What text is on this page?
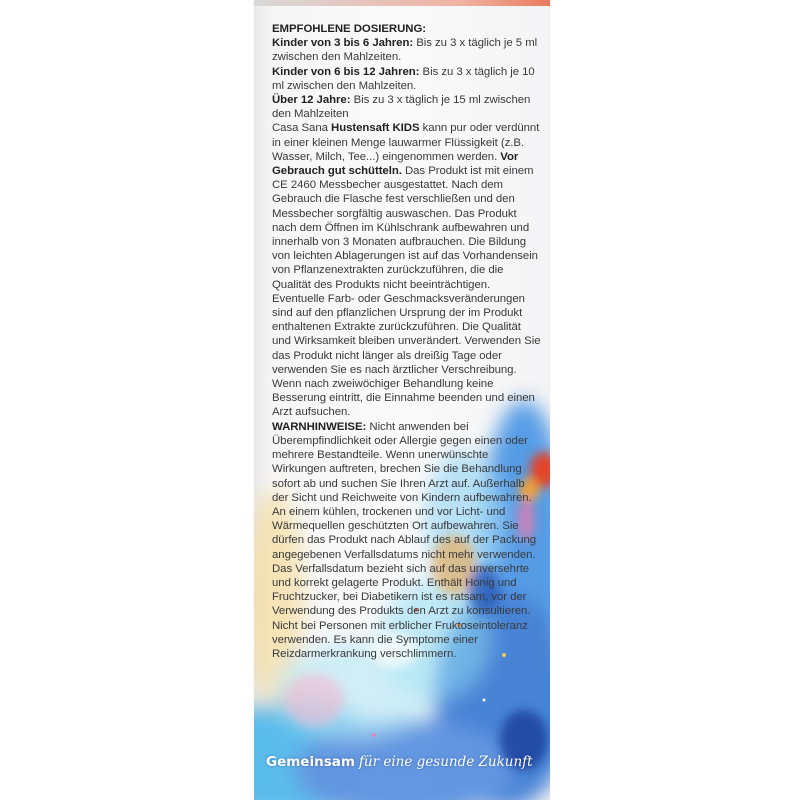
EMPFOHLENE DOSIERUNG:

Kinder von 3 bis 6 Jahren: Bis zu 3 x täglich je 5 ml zwischen den Mahlzeiten.

Kinder von 6 bis 12 Jahren: Bis zu 3 x täglich je 10 ml zwischen den Mahlzeiten.

Über 12 Jahre: Bis zu 3 x täglich je 15 ml zwischen den Mahlzeiten

Casa Sana Hustensaft KIDS kann pur oder verdünnt in einer kleinen Menge lauwarmer Flüssigkeit (z.B. Wasser, Milch, Tee...) eingenommen werden. Vor Gebrauch gut schütteln. Das Produkt ist mit einem CE 2460 Messbecher ausgestattet. Nach dem Gebrauch die Flasche fest verschließen und den Messbecher sorgfältig auswaschen. Das Produkt nach dem Öffnen im Kühlschrank aufbewahren und innerhalb von 3 Monaten aufbrauchen. Die Bildung von leichten Ablagerungen ist auf das Vorhandensein von Pflanzenextrakten zurückzuführen, die die Qualität des Produkts nicht beeinträchtigen. Eventuelle Farb- oder Geschmacksveränderungen sind auf den pflanzlichen Ursprung der im Produkt enthaltenen Extrakte zurückzuführen. Die Qualität und Wirksamkeit bleiben unverändert. Verwenden Sie das Produkt nicht länger als dreißig Tage oder verwenden Sie es nach ärztlicher Verschreibung. Wenn nach zweiwöchiger Behandlung keine Besserung eintritt, die Einnahme beenden und einen Arzt aufsuchen.

WARNHINWEISE: Nicht anwenden bei Überempfindlichkeit oder Allergie gegen einen oder mehrere Bestandteile. Wenn unerwünschte Wirkungen auftreten, brechen Sie die Behandlung sofort ab und suchen Sie Ihren Arzt auf. Außerhalb der Sicht und Reichweite von Kindern aufbewahren. An einem kühlen, trockenen und vor Licht- und Wärmequellen geschützten Ort aufbewahren. Sie dürfen das Produkt nach Ablauf des auf der Packung angegebenen Verfallsdatums nicht mehr verwenden. Das Verfallsdatum bezieht sich auf das unversehrte und korrekt gelagerte Produkt. Enthält Honig und Fruchtzucker, bei Diabetikern ist es ratsam, vor der Verwendung des Produkts den Arzt zu konsultieren. Nicht bei Personen mit erblicher Fruktoseintoleranz verwenden. Es kann die Symptome einer Reizdarmerkrankung verschlimmern.

Gemeinsam für eine gesunde Zukunft
